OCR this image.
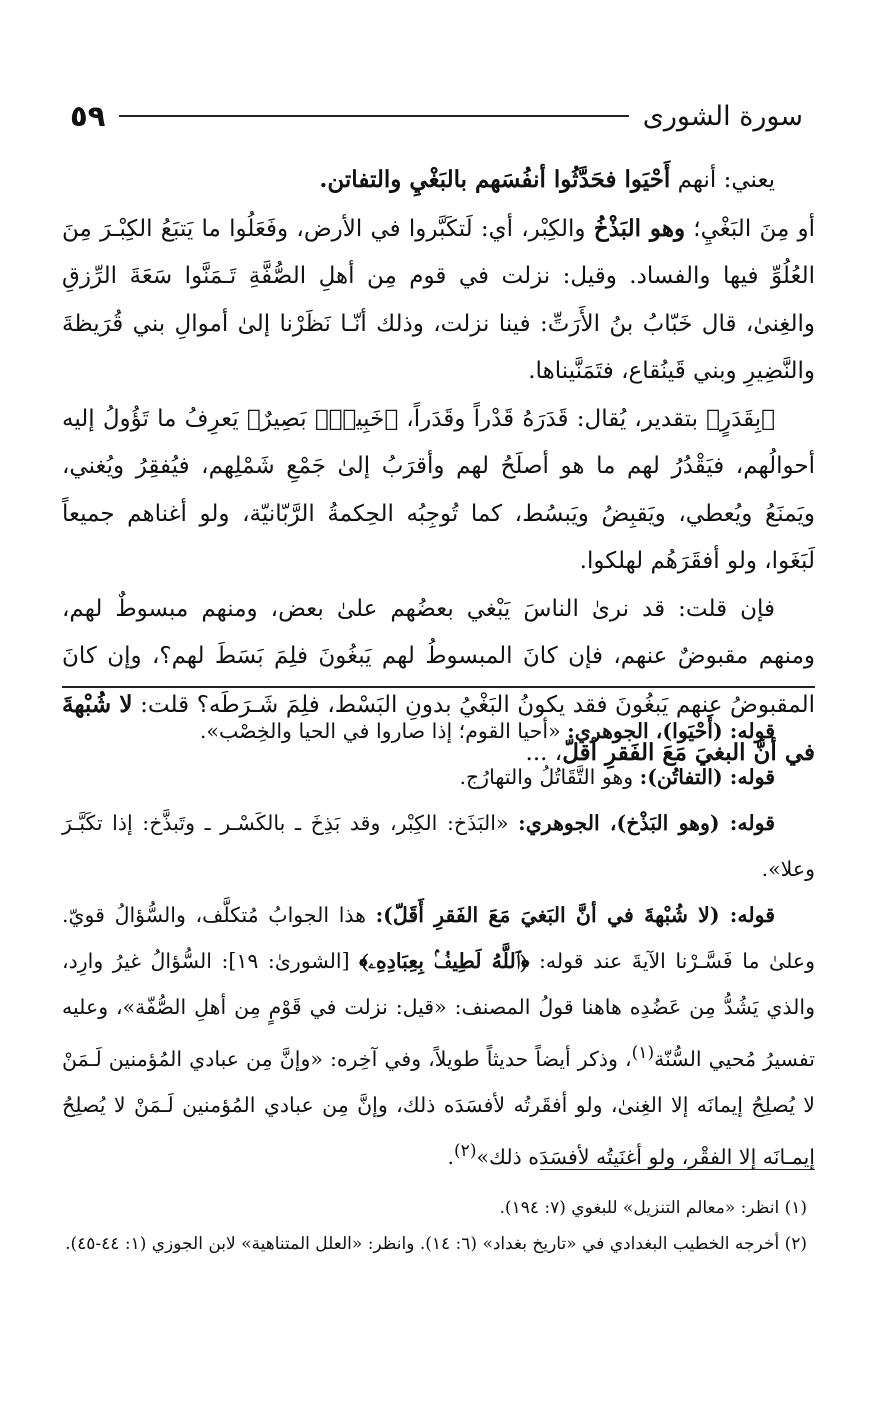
سورة الشورى
٥٩

يعني: أنهم أَحْيَوا فحَدَّثُوا أنفُسَهم بالبَغْيِ والتفاتن.

أو مِنَ البَغْيِ؛ وهو البَذْخُ والكِبْر، أي: لَتكَبَّروا في الأرض، وفَعَلُوا ما يَتبَعُ الكِبْـرَ مِنَ العُلُوِّ فيها والفساد. وقيل: نزلت في قوم مِن أهلِ الصُّفَّةِ تَـمَنَّوا سَعَةَ الرِّزقِ والغِنىٰ، قال خَبّابُ بنُ الأَرَتِّ: فينا نزلت، وذلك أنّـا نَظَرْنا إلىٰ أموالِ بني قُرَيظةَ والنَّضِيرِ وبني قَينُقاع، فتَمَنَّيناها.

﴿بِقَدَرٍ﴾ بتقدير، يُقال: قَدَرَهُ قَدْراً وقَدَراً، ﴿خَبِيرُۢ بَصِيرٌ﴾ يَعرِفُ ما تَؤُولُ إليه أحوالُهم، فيَقْدُرُ لهم ما هو أصلَحُ لهم وأقرَبُ إلىٰ جَمْعِ شَمْلِهم، فيُفقِرُ ويُغني، ويَمنَعُ ويُعطي، ويَقبِضُ ويَبسُط، كما تُوجِبُه الحِكمةُ الرَّبّانيّة، ولو أغناهم جميعاً لَبَغَوا، ولو أفقَرَهُم لهلكوا.

فإن قلت: قد نرىٰ الناسَ يَبْغي بعضُهم علىٰ بعض، ومنهم مبسوطٌ لهم، ومنهم مقبوضٌ عنهم، فإن كانَ المبسوطُ لهم يَبغُونَ فلِمَ بَسَطَ لهم؟، وإن كانَ المقبوضُ عنهم يَبغُونَ فقد يكونُ البَغْيُ بدونِ البَسْط، فلِمَ شَـرَطَه؟ قلت: لا شُبْهةَ في أنَّ البغيَ مَعَ الفَقرِ أقلّ، ...

قوله: (أَحْيَوا)، الجوهري: «أحيا القوم؛ إذا صاروا في الحيا والخِصْب».

قوله: (التفاتُن): وهو التَّقَاتُلُ والتهارُج.

قوله: (وهو البَذْخ)، الجوهري: «البَذَخ: الكِبْر، وقد بَذِخَ ـ بالكَسْـر ـ وتَبذَّخ: إذا تكَبَّـرَ وعلا».

قوله: (لا شُبْهةَ في أنَّ البَغيَ مَعَ الفَقرِ أَقَلّ): هذا الجوابُ مُتكلَّف، والسُّؤالُ قويّ. وعلىٰ ما فَسَّـرْنا الآيةَ عند قوله: ﴿ٱللَّهُ لَطِيفُۢ بِعِبَادِهِۦ﴾ [الشورىٰ: ١٩]: السُّؤالُ غيرُ وارِد، والذي يَشُدُّ مِن عَضُدِه هاهنا قولُ المصنف: «قيل: نزلت في قَوْمٍ مِن أهلِ الصُّفّة»، وعليه تفسيرُ مُحيي السُّنّة$^{(١)}$، وذكر أيضاً حديثاً طويلاً، وفي آخِره: «وإنَّ مِن عبادي المُؤمنين لَـمَنْ لا يُصلِحُ إيمانَه إلا الغِنىٰ، ولو أفقَرتُه لأفسَدَه ذلك، وإنَّ مِن عبادي المُؤمنين لَـمَنْ لا يُصلِحُ إيمـانَه إلا الفقْر، ولو أغنَيتُه لأفسَدَه ذلك»$^{(٢)}$.

(١) انظر: «معالم التنزيل» للبغوي (٧: ١٩٤).

(٢) أخرجه الخطيب البغدادي في «تاريخ بغداد» (٦: ١٤). وانظر: «العلل المتناهية» لابن الجوزي (١: ٤٤-٤٥).
